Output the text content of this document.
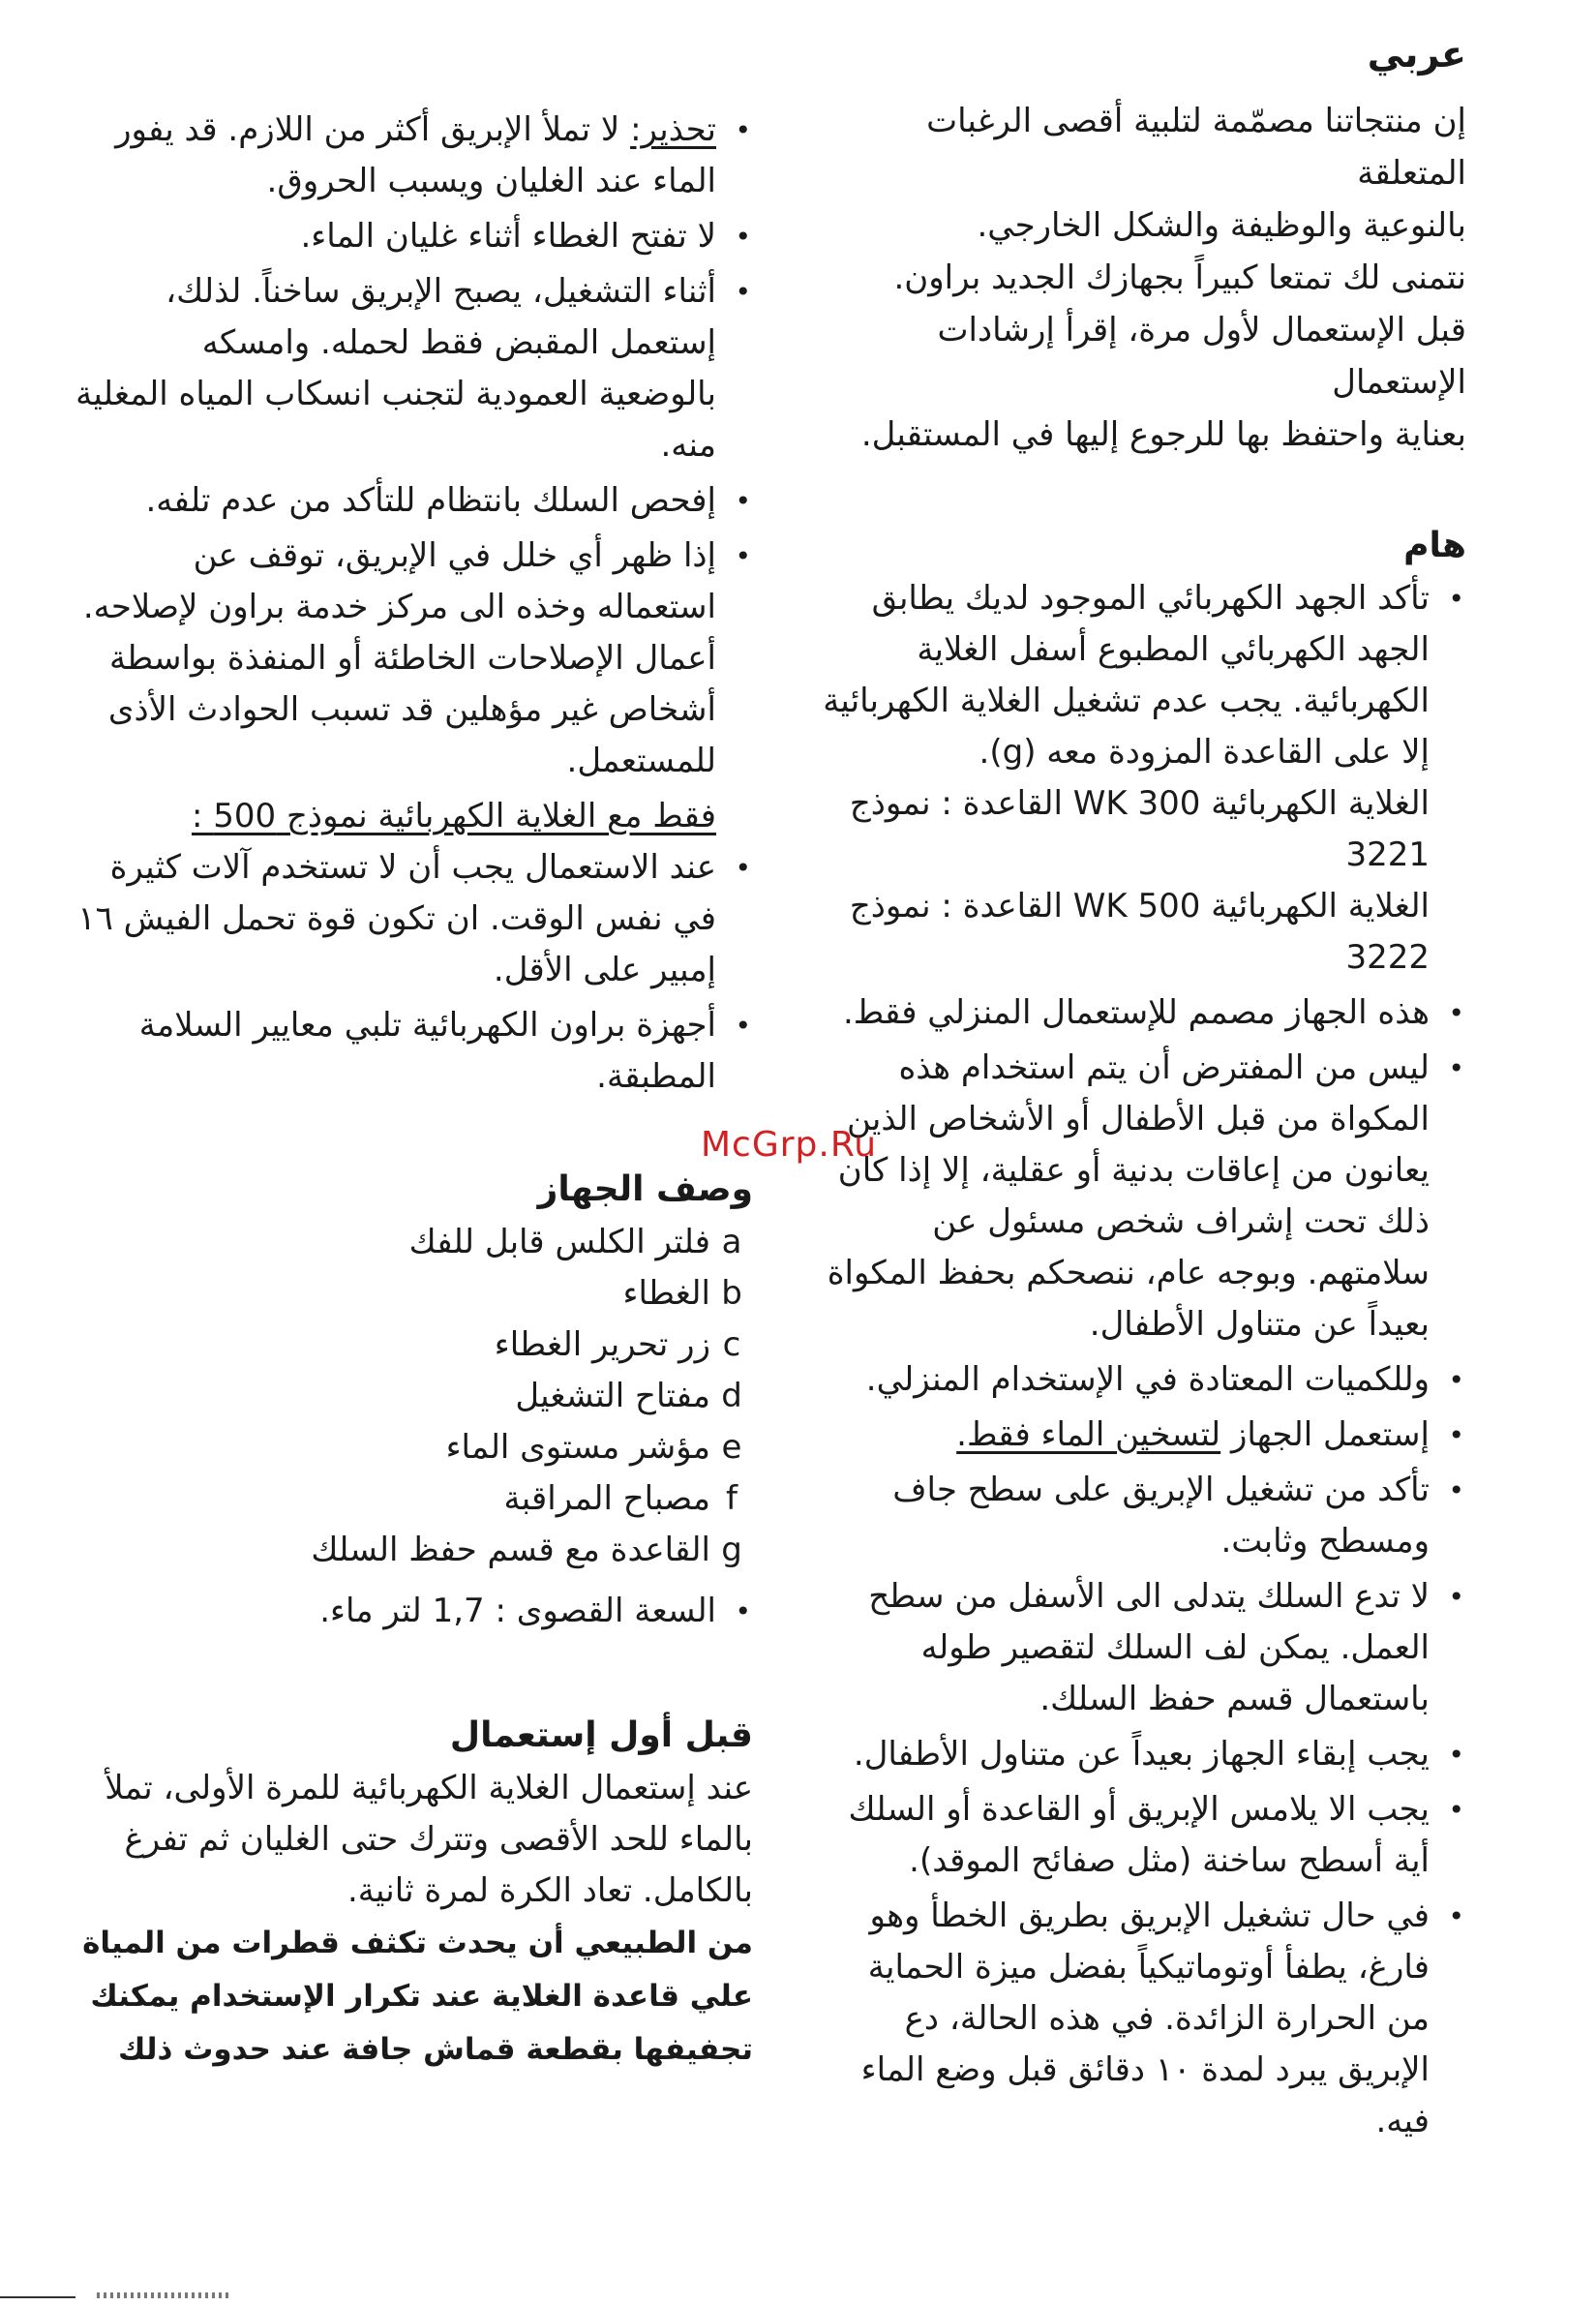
عربي

إن منتجاتنا مصمّمة لتلبية أقصى الرغبات المتعلقة

بالنوعية والوظيفة والشكل الخارجي.

نتمنى لك تمتعا كبيراً بجهازك الجديد براون.

قبل الإستعمال لأول مرة، إقرأ إرشادات الإستعمال

بعناية واحتفظ بها للرجوع إليها في المستقبل.

هام
• تأكد الجهد الكهربائي الموجود لديك يطابق الجهد الكهربائي المطبوع أسفل الغلاية الكهربائية. يجب عدم تشغيل الغلاية الكهربائية إلا على القاعدة المزودة معه (g).
الغلاية الكهربائية WK 300 القاعدة : نموذج 3221
الغلاية الكهربائية WK 500 القاعدة : نموذج 3222
• هذه الجهاز مصمم للإستعمال المنزلي فقط.
• ليس من المفترض أن يتم استخدام هذه المكواة من قبل الأطفال أو الأشخاص الذين يعانون من إعاقات بدنية أو عقلية، إلا إذا كان ذلك تحت إشراف شخص مسئول عن سلامتهم. وبوجه عام، ننصحكم بحفظ المكواة بعيداً عن متناول الأطفال.
• وللكميات المعتادة في الإستخدام المنزلي.
• إستعمل الجهاز لتسخين الماء فقط.
• تأكد من تشغيل الإبريق على سطح جاف ومسطح وثابت.
• لا تدع السلك يتدلى الى الأسفل من سطح العمل. يمكن لف السلك لتقصير طوله باستعمال قسم حفظ السلك.
• يجب إبقاء الجهاز بعيداً عن متناول الأطفال.
• يجب الا يلامس الإبريق أو القاعدة أو السلك أية أسطح ساخنة (مثل صفائح الموقد).
• في حال تشغيل الإبريق بطريق الخطأ وهو فارغ، يطفأ أوتوماتيكياً بفضل ميزة الحماية من الحرارة الزائدة. في هذه الحالة، دع الإبريق يبرد لمدة ١٠ دقائق قبل وضع الماء فيه.
• تحذير: لا تملأ الإبريق أكثر من اللازم. قد يفور الماء عند الغليان ويسبب الحروق.
• لا تفتح الغطاء أثناء غليان الماء.
• أثناء التشغيل، يصبح الإبريق ساخناً. لذلك، إستعمل المقبض فقط لحمله. وامسكه بالوضعية العمودية لتجنب انسكاب المياه المغلية منه.
• إفحص السلك بانتظام للتأكد من عدم تلفه.
• إذا ظهر أي خلل في الإبريق، توقف عن استعماله وخذه الى مركز خدمة براون لإصلاحه. أعمال الإصلاحات الخاطئة أو المنفذة بواسطة أشخاص غير مؤهلين قد تسبب الحوادث الأذى للمستعمل.
فقط مع الغلاية الكهربائية نموذج 500 :
• عند الاستعمال يجب أن لا تستخدم آلات كثيرة في نفس الوقت. ان تكون قوة تحمل الفيش ١٦ إمبير على الأقل.
• أجهزة براون الكهربائية تلبي معايير السلامة المطبقة.
وصف الجهاز
aفلتر الكلس قابل للفك
bالغطاء
cزر تحرير الغطاء
dمفتاح التشغيل
eمؤشر مستوى الماء
fمصباح المراقبة
gالقاعدة مع قسم حفظ السلك
• السعة القصوى : 1,7 لتر ماء.
قبل أول إستعمال

عند إستعمال الغلاية الكهربائية للمرة الأولى، تملأ بالماء للحد الأقصى وتترك حتى الغليان ثم تفرغ بالكامل. تعاد الكرة لمرة ثانية.

من الطبيعي أن يحدث تكثف قطرات من المياة علي قاعدة الغلاية عند تكرار الإستخدام يمكنك تجفيفها بقطعة قماش جافة عند حدوث ذلك

McGrp.Ru
